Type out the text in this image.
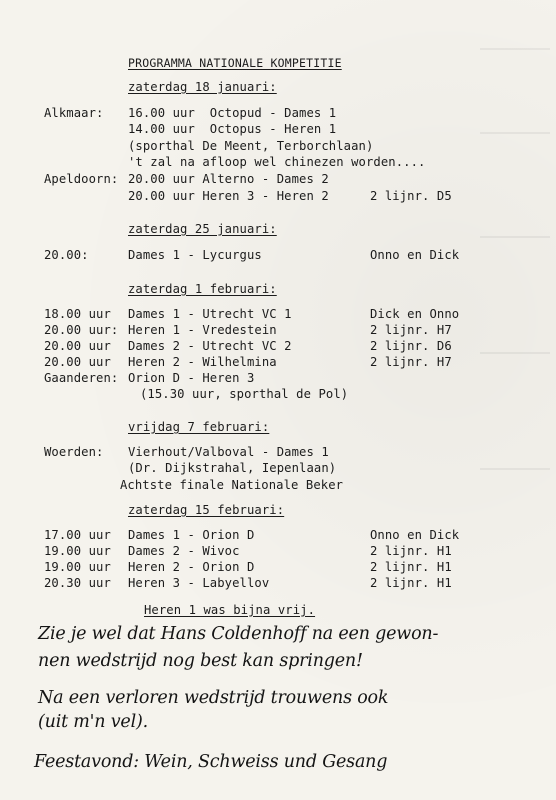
PROGRAMMA NATIONALE KOMPETITIE
zaterdag 18 januari:
Alkmaar: 16.00 uur  Octopud - Dames 1
14.00 uur  Octopus - Heren 1
(sporthal De Meent, Terborchlaan)
't zal na afloop wel chinezen worden....
Apeldoorn: 20.00 uur Alterno - Dames 2
20.00 uur Heren 3 - Heren 2	2 lijnr. D5
zaterdag 25 januari:
20.00:	Dames 1 - Lycurgus	Onno en Dick
zaterdag 1 februari:
18.00 uur Dames 1 - Utrecht VC 1	Dick en Onno
20.00 uur: Heren 1 - Vredestein	2 lijnr. H7
20.00 uur Dames 2 - Utrecht VC 2	2 lijnr. D6
20.00 uur Heren 2 - Wilhelmina	2 lijnr. H7
Gaanderen: Orion D - Heren 3
(15.30 uur, sporthal de Pol)
vrijdag 7 februari:
Woerden: Vierhout/Valboval - Dames 1
(Dr. Dijkstrahal, Iepenlaan)
Achtste finale Nationale Beker
zaterdag 15 februari:
17.00 uur Dames 1 - Orion D	Onno en Dick
19.00 uur Dames 2 - Wivoc	2 lijnr. H1
19.00 uur Heren 2 - Orion D	2 lijnr. H1
20.30 uur Heren 3 - Labyellov	2 lijnr. H1
Heren 1 was bijna vrij.
Zie je wel dat Hans Coldenhoff na een gewon-
nen wedstrijd nog best kan springen!
Na een verloren wedstrijd trouwens ook
(uit m'n vel).
Feestavond: Wein, Schweiss und Gesang
